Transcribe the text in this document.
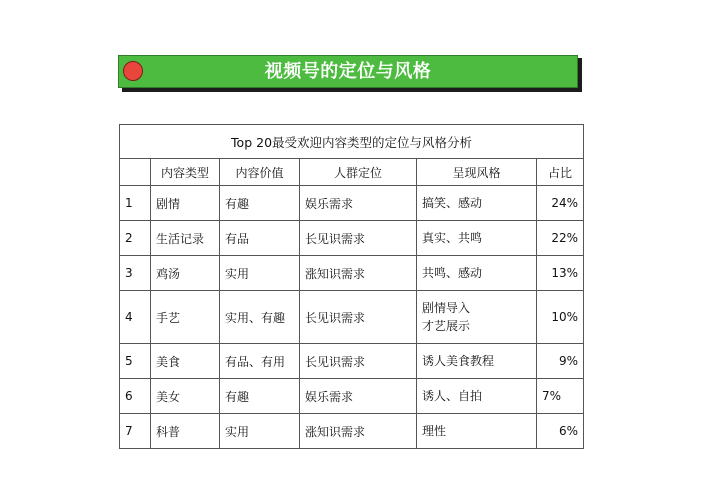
视频号的定位与风格
Top 20最受欢迎内容类型的定位与风格分析					
	内容类型	内容价值	人群定位	呈现风格	占比
1	剧情	有趣	娱乐需求	搞笑、感动	24%
2	生活记录	有品	长见识需求	真实、共鸣	22%
3	鸡汤	实用	涨知识需求	共鸣、感动	13%
4	手艺	实用、有趣	长见识需求	剧情导入
才艺展示	10%
5	美食	有品、有用	长见识需求	诱人美食教程	9%
6	美女	有趣	娱乐需求	诱人、自拍	7%
7	科普	实用	涨知识需求	理性	6%
